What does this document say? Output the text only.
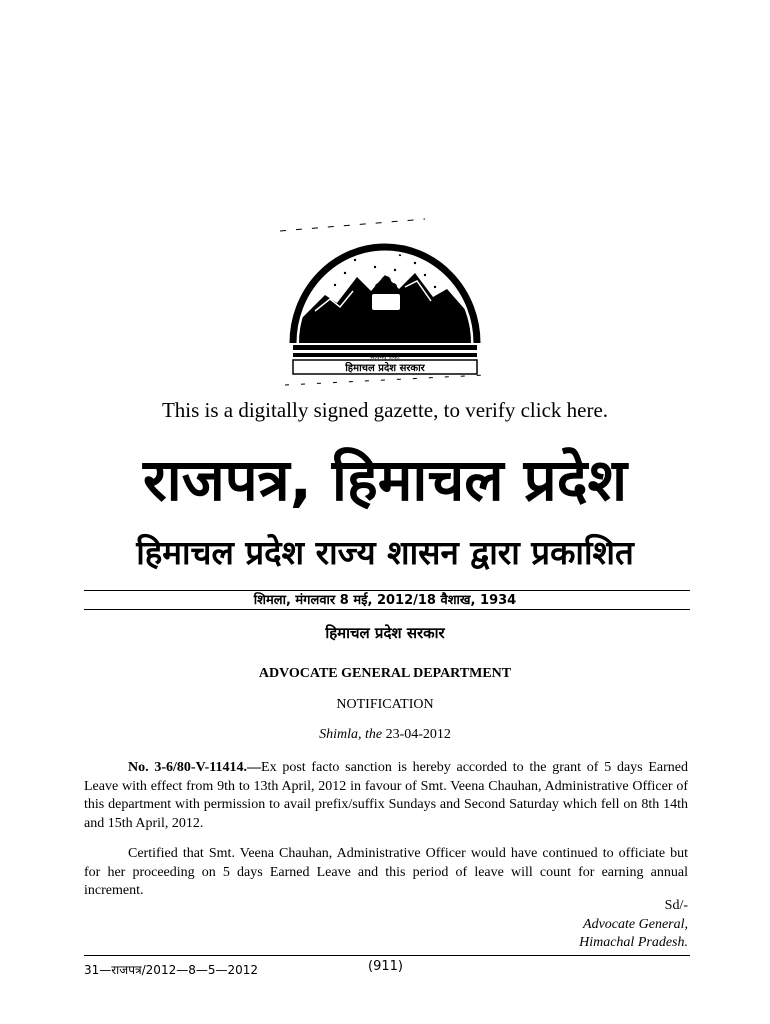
सत्यमेव जयते
हिमाचल प्रदेश सरकार
This is a digitally signed gazette, to verify click here.
राजपत्र, हिमाचल प्रदेश
हिमाचल प्रदेश राज्य शासन द्वारा प्रकाशित
शिमला, मंगलवार 8 मई, 2012/18 वैशाख, 1934
हिमाचल प्रदेश सरकार
ADVOCATE GENERAL DEPARTMENT
NOTIFICATION
Shimla, the 23-04-2012

No. 3-6/80-V-11414.—Ex post facto sanction is hereby accorded to the grant of 5 days Earned Leave with effect from 9th to 13th April, 2012 in favour of Smt. Veena Chauhan, Administrative Officer of this department with permission to avail prefix/suffix Sundays and Second Saturday which fell on 8th 14th and 15th April, 2012.

Certified that Smt. Veena Chauhan, Administrative Officer would have continued to officiate but for her proceeding on 5 days Earned Leave and this period of leave will count for earning annual increment.

Sd/-
Advocate General,
Himachal Pradesh.
31—राजपत्र/2012—8—5—2012	(911)
